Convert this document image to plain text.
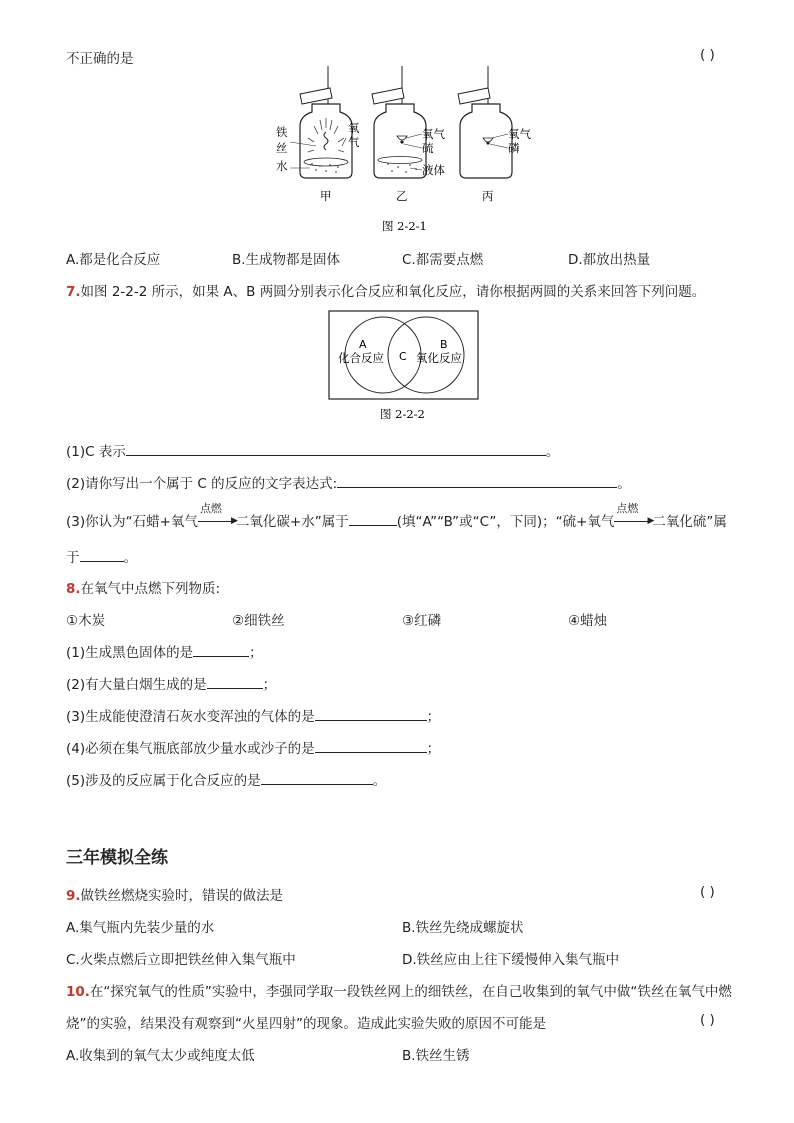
不正确的是	( )
铁
丝
水
氧
气
甲
氧气
硫
液体
乙
氧气
磷
丙
图 2-2-1
A.都是化合反应	B.生成物都是固体	C.都需要点燃	D.都放出热量
7.如图 2-2-2 所示，如果 A、B 两圆分别表示化合反应和氧化反应，请你根据两圆的关系来回答下列问题。
A
化合反应 C
B
氧化反应
图 2-2-2
(1)C 表示	。
(2)请你写出一个属于 C 的反应的文字表达式:	。
(3)你认为“石蜡+氧气
点燃
▶
二氧化碳+水”属于	(填“A”“B”或“C”，下同)；“硫+氧气
点燃
▶
二氧化硫”属
于	。
8.在氧气中点燃下列物质:
①木炭	②细铁丝	③红磷	④蜡烛
(1)生成黑色固体的是	；
(2)有大量白烟生成的是	；
(3)生成能使澄清石灰水变浑浊的气体的是	；
(4)必须在集气瓶底部放少量水或沙子的是	；
(5)涉及的反应属于化合反应的是	。
三年模拟全练
9.做铁丝燃烧实验时，错误的做法是	( )
A.集气瓶内先装少量的水	B.铁丝先绕成螺旋状
C.火柴点燃后立即把铁丝伸入集气瓶中	D.铁丝应由上往下缓慢伸入集气瓶中
10.在“探究氧气的性质”实验中，李强同学取一段铁丝网上的细铁丝，在自己收集到的氧气中做“铁丝在氧气中燃
烧”的实验，结果没有观察到“火星四射”的现象。造成此实验失败的原因不可能是	( )
A.收集到的氧气太少或纯度太低	B.铁丝生锈
